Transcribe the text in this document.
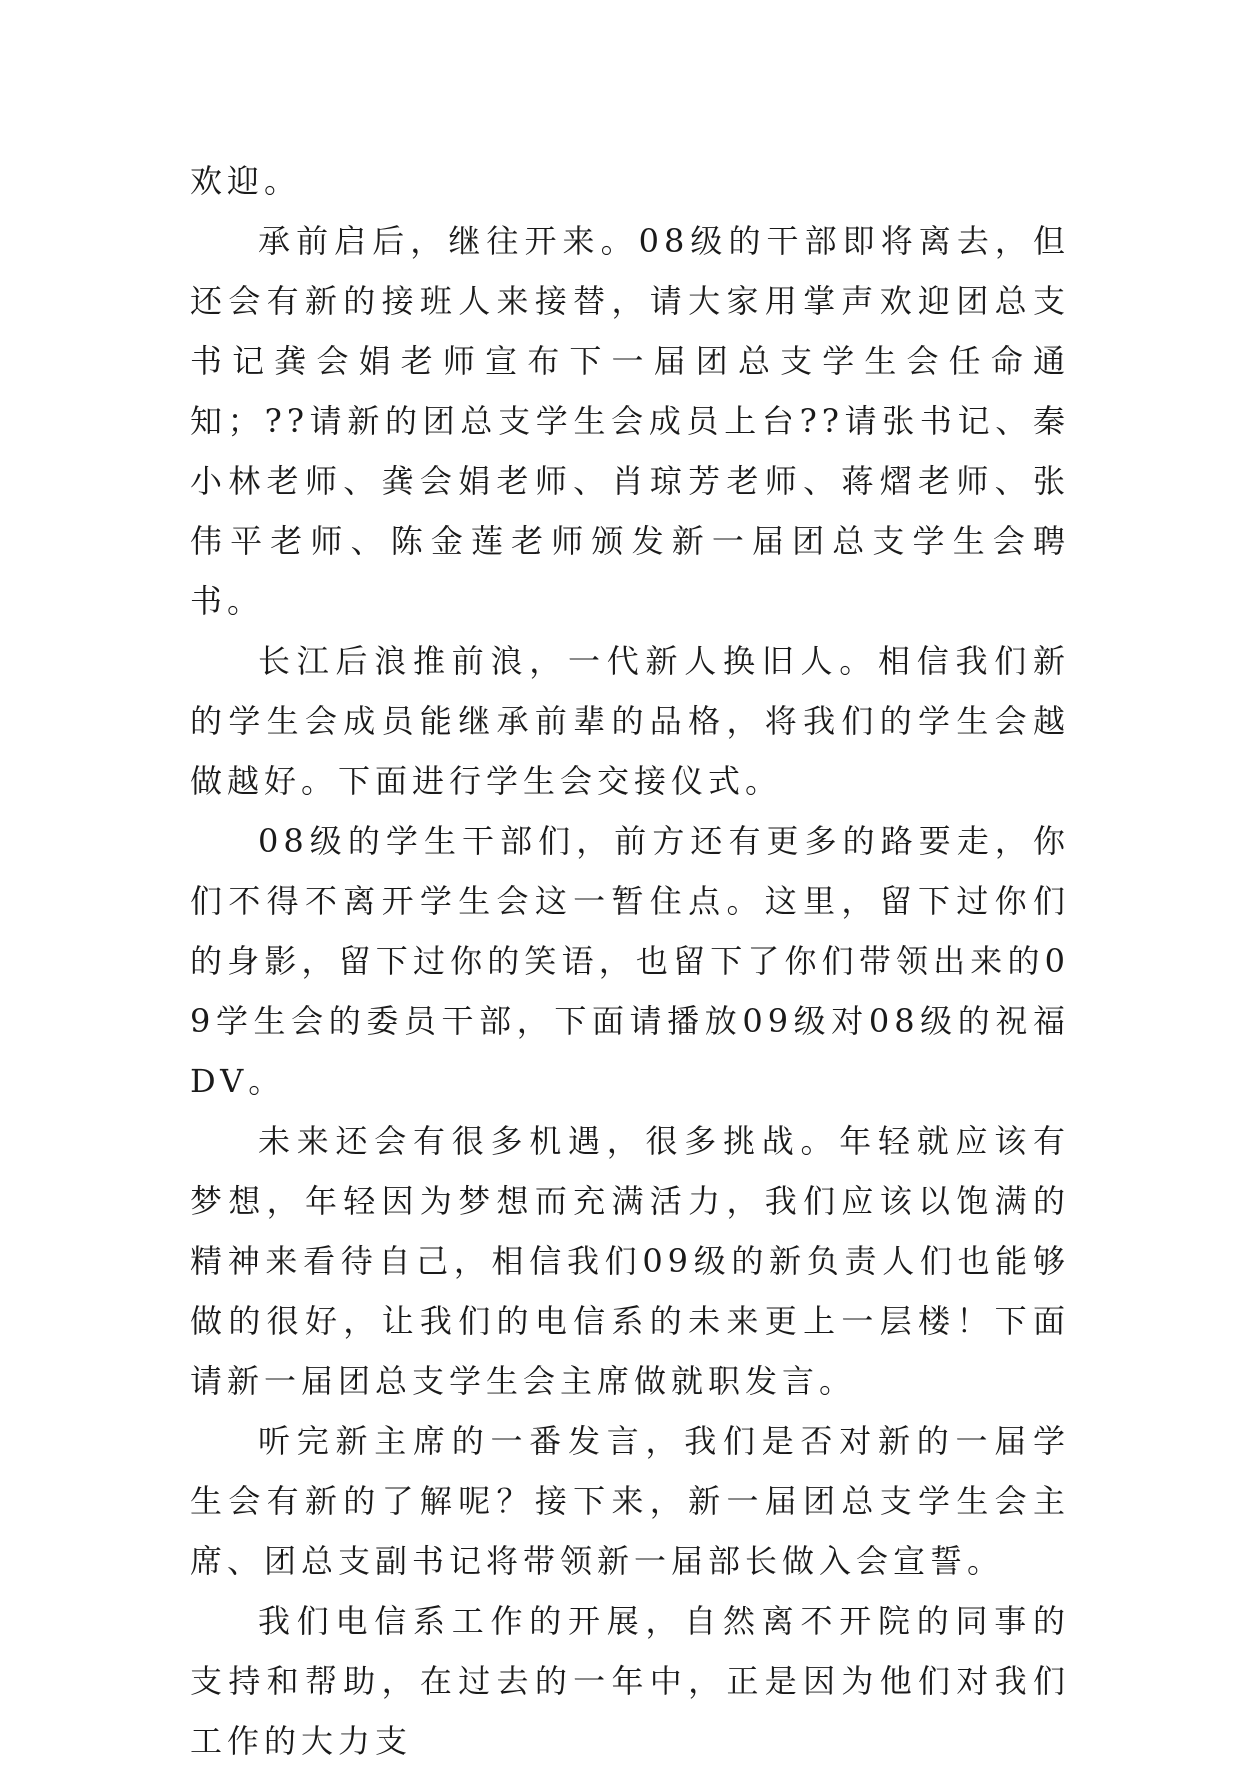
欢迎。

承前启后，继往开来。08级的干部即将离去，但还会有新的接班人来接替，请大家用掌声欢迎团总支书记龚会娟老师宣布下一届团总支学生会任命通知；??请新的团总支学生会成员上台??请张书记、秦小林老师、龚会娟老师、肖琼芳老师、蒋熠老师、张伟平老师、陈金莲老师颁发新一届团总支学生会聘书。

长江后浪推前浪，一代新人换旧人。相信我们新的学生会成员能继承前辈的品格，将我们的学生会越做越好。下面进行学生会交接仪式。

08级的学生干部们，前方还有更多的路要走，你们不得不离开学生会这一暂住点。这里，留下过你们的身影，留下过你的笑语，也留下了你们带领出来的09学生会的委员干部，下面请播放09级对08级的祝福DV。

未来还会有很多机遇，很多挑战。年轻就应该有梦想，年轻因为梦想而充满活力，我们应该以饱满的精神来看待自己，相信我们09级的新负责人们也能够做的很好，让我们的电信系的未来更上一层楼！下面请新一届团总支学生会主席做就职发言。

听完新主席的一番发言，我们是否对新的一届学生会有新的了解呢？接下来，新一届团总支学生会主席、团总支副书记将带领新一届部长做入会宣誓。

我们电信系工作的开展，自然离不开院的同事的支持和帮助，在过去的一年中，正是因为他们对我们工作的大力支
